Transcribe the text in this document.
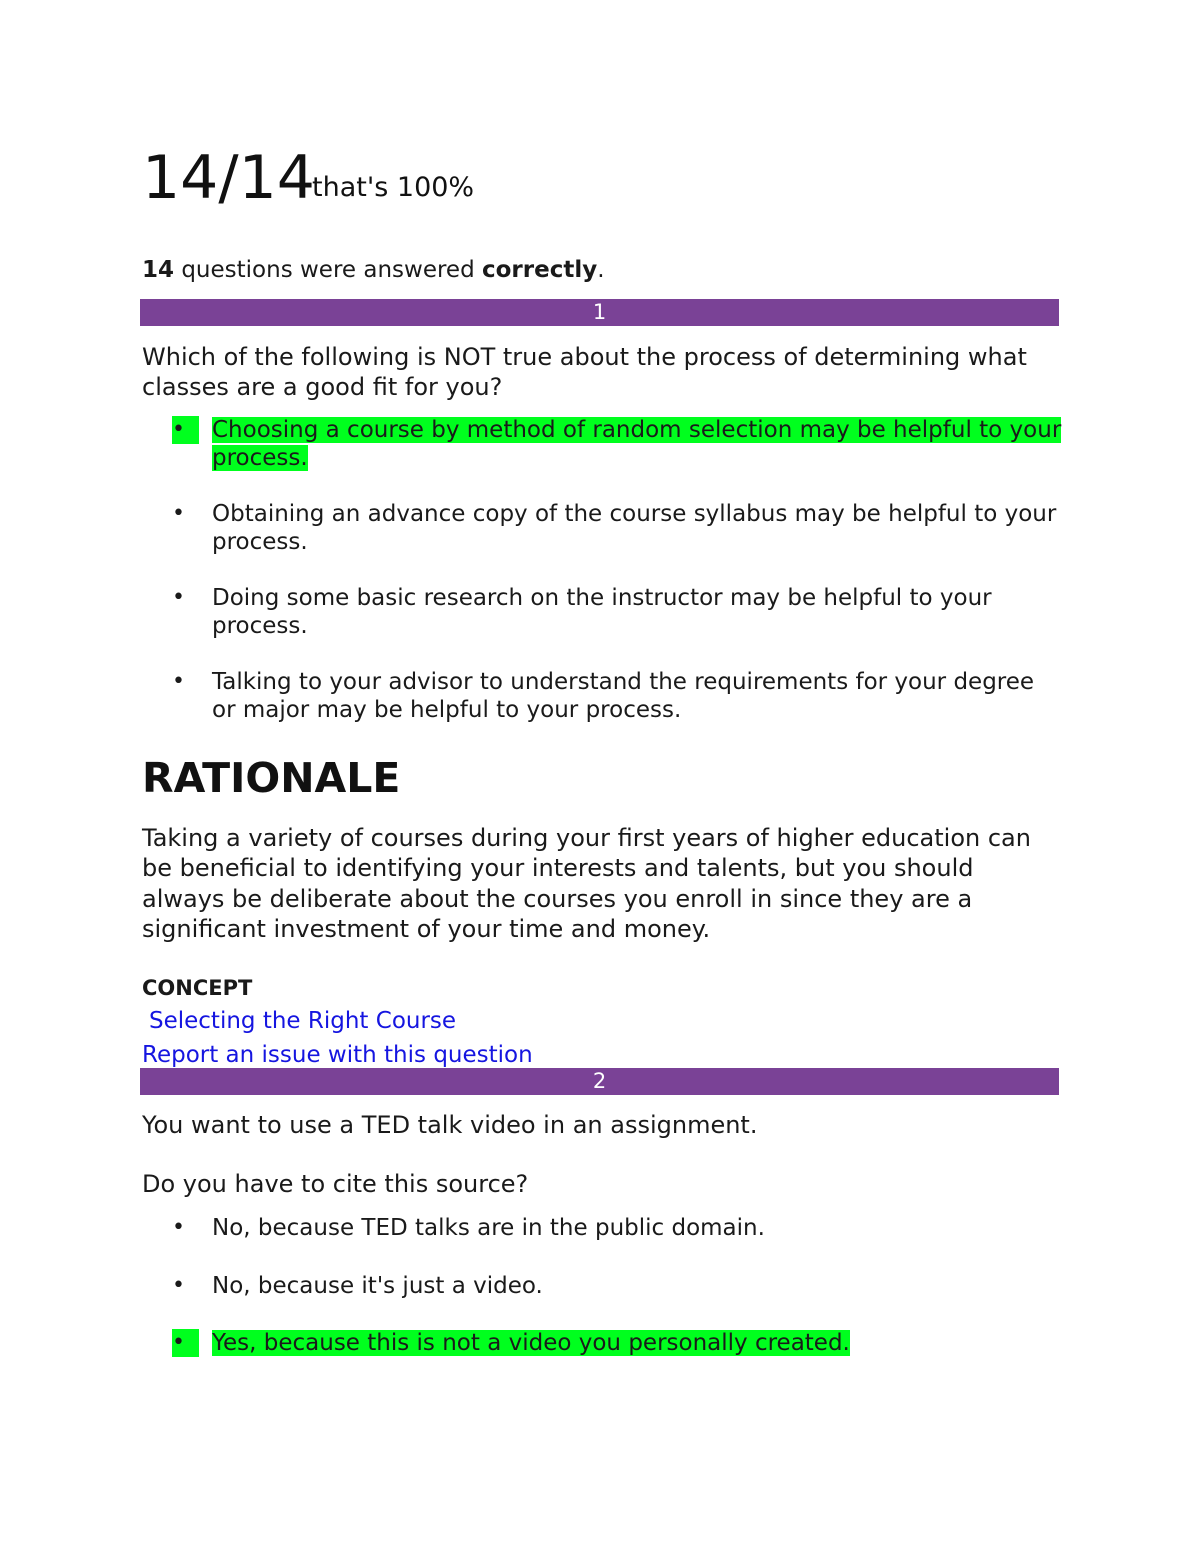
14/14
that's 100%
14 questions were answered correctly.
1
Which of the following is NOT true about the process of determining what classes are a good fit for you?
•	Choosing a course by method of random selection may be helpful to your process.
• Obtaining an advance copy of the course syllabus may be helpful to your process.
• Doing some basic research on the instructor may be helpful to your process.
• Talking to your advisor to understand the requirements for your degree or major may be helpful to your process.
RATIONALE
Taking a variety of courses during your first years of higher education can be beneficial to identifying your interests and talents, but you should always be deliberate about the courses you enroll in since they are a significant investment of your time and money.
CONCEPT
Selecting the Right Course
Report an issue with this question
2
You want to use a TED talk video in an assignment.
Do you have to cite this source?
• No, because TED talks are in the public domain.
• No, because it's just a video.
•	Yes, because this is not a video you personally created.
